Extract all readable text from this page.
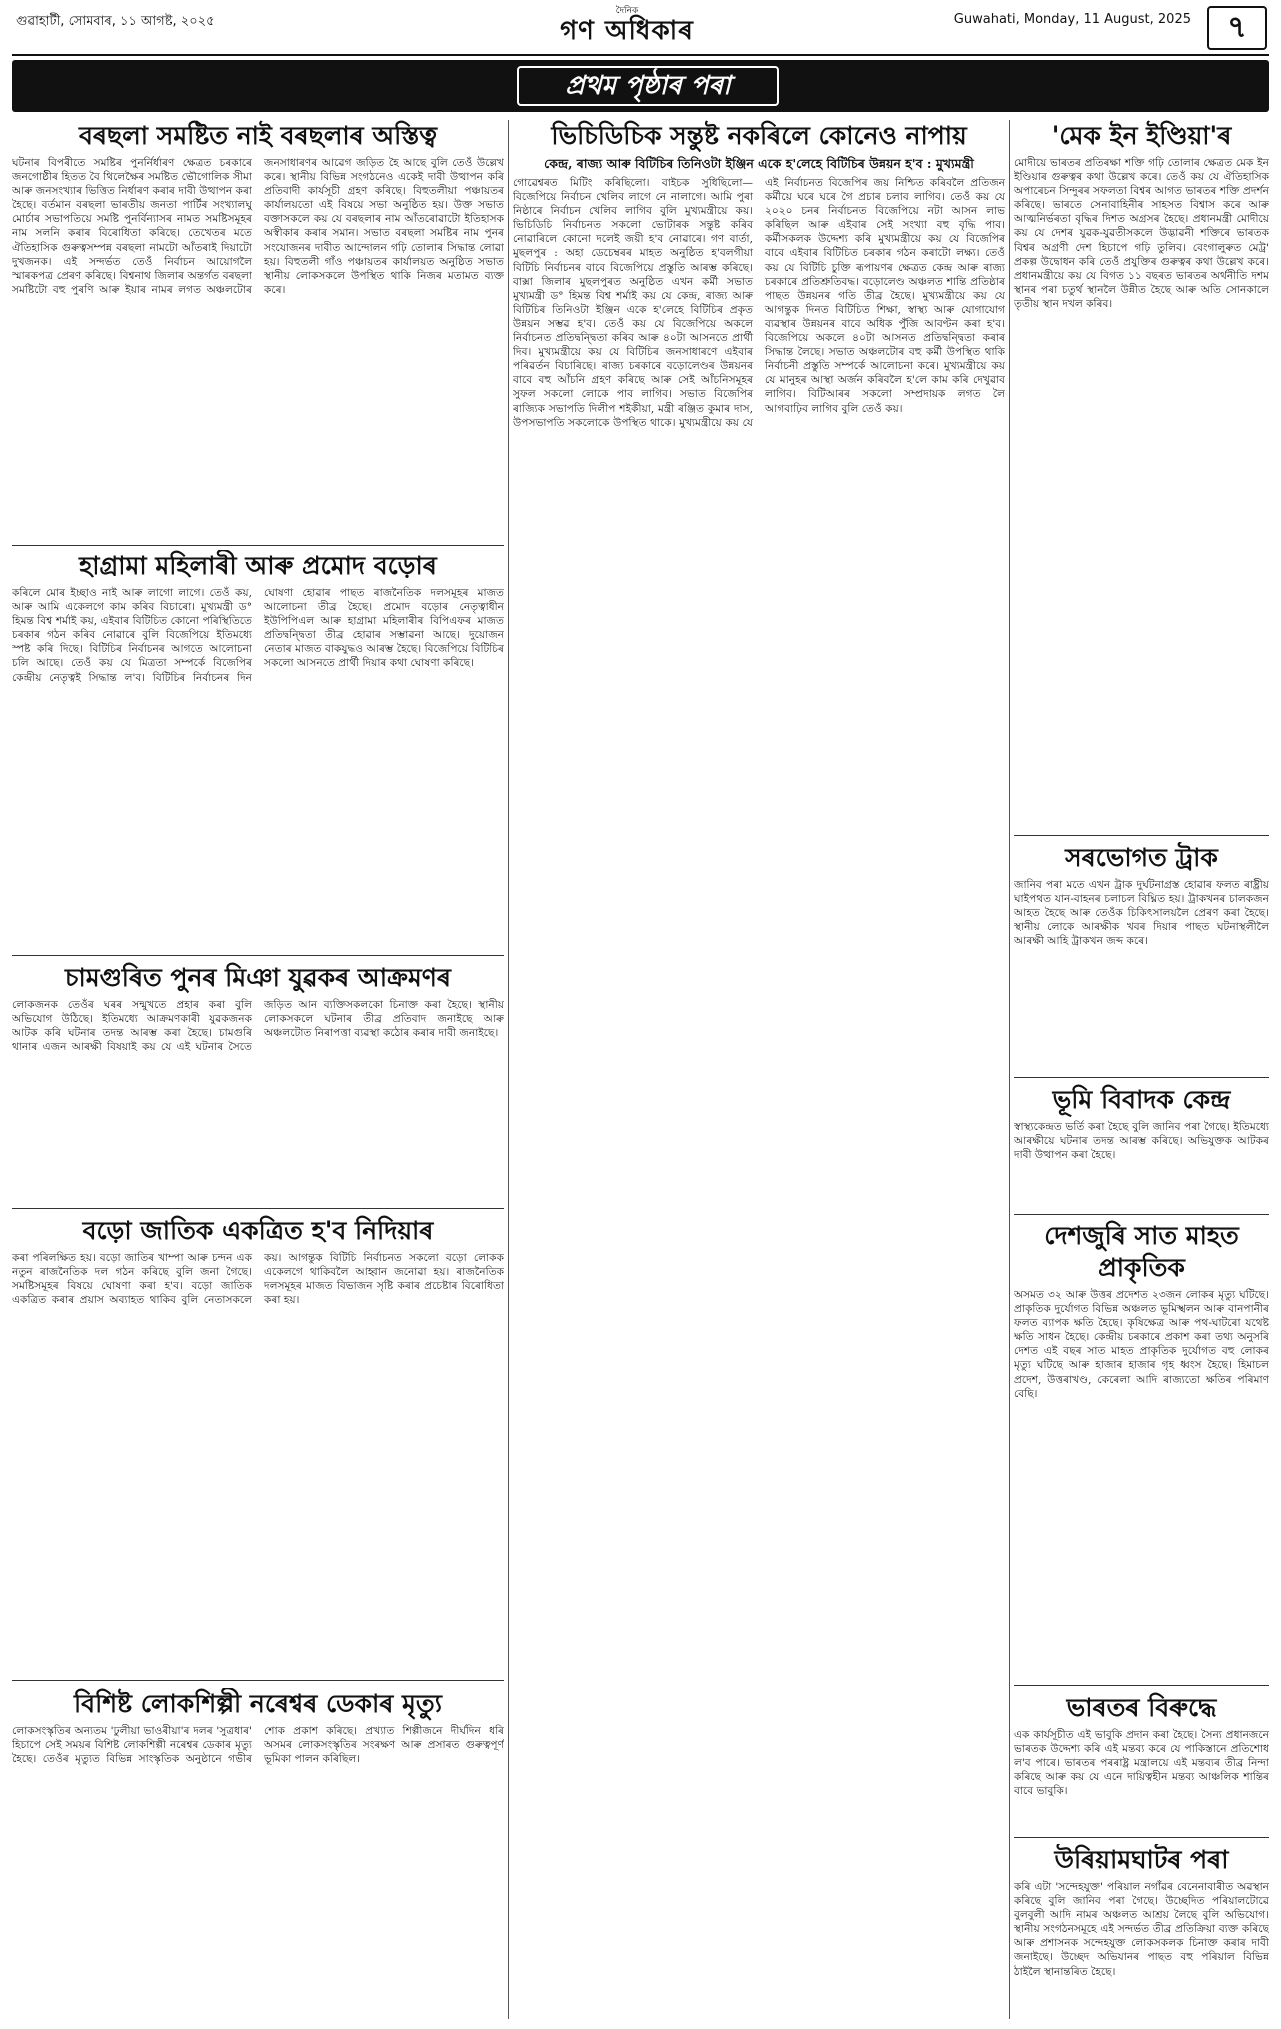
গুৱাহাটী, সোমবাৰ, ১১ আগষ্ট, ২০২৫
দৈনিক
গণ অধিকাৰ	Guwahati, Monday, 11 August, 2025	৭
প্ৰথম পৃষ্ঠাৰ পৰা
বৰছলা সমষ্টিত নাই বৰছলাৰ অস্তিত্ব
ঘটনাৰ বিপৰীতে সমষ্টিৰ পুনৰ্নিৰ্ধাৰণ ক্ষেত্ৰত চৰকাৰে জনগোষ্ঠীৰ হিতত বৈ থিলেক্ষৈৰ সমষ্টিত ভৌগোলিক সীমা আৰু জনসংখ্যাৰ ভিত্তিত নিৰ্ধাৰণ কৰাৰ দাবী উত্থাপন কৰা হৈছে। বৰ্তমান বৰছলা ভাৰতীয় জনতা পাৰ্টিৰ সংখ্যালঘু মোৰ্চাৰ সভাপতিয়ে সমষ্টি পুনৰ্বিন্যাসৰ নামত সমষ্টিসমূহৰ নাম সলনি কৰাৰ বিৰোধিতা কৰিছে। তেখেতৰ মতে ঐতিহাসিক গুৰুত্বসম্পন্ন বৰছলা নামটো আঁতৰাই দিয়াটো দুখজনক। এই সন্দৰ্ভত তেওঁ নিৰ্বাচন আয়োগলৈ স্মাৰকপত্ৰ প্ৰেৰণ কৰিছে। বিশ্বনাথ জিলাৰ অন্তৰ্গত বৰছলা সমষ্টিটো বহু পুৰণি আৰু ইয়াৰ নামৰ লগত অঞ্চলটোৰ জনসাধাৰণৰ আৱেগ জড়িত হৈ আছে বুলি তেওঁ উল্লেখ কৰে। স্থানীয় বিভিন্ন সংগঠনেও একেই দাবী উত্থাপন কৰি প্ৰতিবাদী কাৰ্যসূচী গ্ৰহণ কৰিছে। বিহুতলীয়া পঞ্চায়তৰ কাৰ্যালয়তো এই বিষয়ে সভা অনুষ্ঠিত হয়। উক্ত সভাত বক্তাসকলে কয় যে বৰছলাৰ নাম আঁতৰোৱাটো ইতিহাসক অস্বীকাৰ কৰাৰ সমান। সভাত বৰছলা সমষ্টিৰ নাম পুনৰ সংযোজনৰ দাবীত আন্দোলন গঢ়ি তোলাৰ সিদ্ধান্ত লোৱা হয়। বিহুতলী গাঁও পঞ্চায়তৰ কাৰ্যালয়ত অনুষ্ঠিত সভাত স্থানীয় লোকসকলে উপস্থিত থাকি নিজৰ মতামত ব্যক্ত কৰে।
হাগ্ৰামা মহিলাৰী আৰু প্ৰমোদ বড়োৰ
কৰিলে মোৰ ইচ্ছাও নাই আৰু লাগো লাগে। তেওঁ কয়, আৰু আমি একেলগে কাম কৰিব বিচাৰো। মুখ্যমন্ত্ৰী ড° হিমন্ত বিশ্ব শৰ্মাই কয়, এইবাৰ বিটিচিত কোনো পৰিস্থিতিতে চৰকাৰ গঠন কৰিব নোৱাৰে বুলি বিজেপিয়ে ইতিমধ্যে স্পষ্ট কৰি দিছে। বিটিচিৰ নিৰ্বাচনৰ আগতে আলোচনা চলি আছে। তেওঁ কয় যে মিত্ৰতা সম্পৰ্কে বিজেপিৰ কেন্দ্ৰীয় নেতৃত্বই সিদ্ধান্ত ল'ব। বিটিচিৰ নিৰ্বাচনৰ দিন ঘোষণা হোৱাৰ পাছত ৰাজনৈতিক দলসমূহৰ মাজত আলোচনা তীব্ৰ হৈছে। প্ৰমোদ বড়োৰ নেতৃত্বাধীন ইউপিপিএল আৰু হাগ্ৰামা মহিলাৰীৰ বিপিএফৰ মাজত প্ৰতিদ্বন্দ্বিতা তীব্ৰ হোৱাৰ সম্ভাৱনা আছে। দুয়োজন নেতাৰ মাজত বাকযুদ্ধও আৰম্ভ হৈছে। বিজেপিয়ে বিটিচিৰ সকলো আসনতে প্ৰাৰ্থী দিয়াৰ কথা ঘোষণা কৰিছে।
চামগুৰিত পুনৰ মিঞা যুৱকৰ আক্ৰমণৰ
লোকজনক তেওঁৰ ঘৰৰ সন্মুখতে প্ৰহাৰ কৰা বুলি অভিযোগ উঠিছে। ইতিমধ্যে আক্ৰমণকাৰী যুৱকজনক আটক কৰি ঘটনাৰ তদন্ত আৰম্ভ কৰা হৈছে। চামগুৰি থানাৰ এজন আৰক্ষী বিষয়াই কয় যে এই ঘটনাৰ সৈতে জড়িত আন ব্যক্তিসকলকো চিনাক্ত কৰা হৈছে। স্থানীয় লোকসকলে ঘটনাৰ তীব্ৰ প্ৰতিবাদ জনাইছে আৰু অঞ্চলটোত নিৰাপত্তা ব্যৱস্থা কঠোৰ কৰাৰ দাবী জনাইছে।
বড়ো জাতিক একত্ৰিত হ'ব নিদিয়াৰ
কৰা পৰিলক্ষিত হয়। বড়ো জাতিৰ খাম্পা আৰু চন্দন এক নতুন ৰাজনৈতিক দল গঠন কৰিছে বুলি জনা গৈছে। সমষ্টিসমূহৰ বিষয়ে ঘোষণা কৰা হ'ব। বড়ো জাতিক একত্ৰিত কৰাৰ প্ৰয়াস অব্যাহত থাকিব বুলি নেতাসকলে কয়। আগন্তুক বিটিচি নিৰ্বাচনত সকলো বড়ো লোকক একেলগে থাকিবলৈ আহ্বান জনোৱা হয়। ৰাজনৈতিক দলসমূহৰ মাজত বিভাজন সৃষ্টি কৰাৰ প্ৰচেষ্টাৰ বিৰোধিতা কৰা হয়।
বিশিষ্ট লোকশিল্পী নৰেশ্বৰ ডেকাৰ মৃত্যু
লোকসংস্কৃতিৰ অন্যতম 'ঢুলীয়া ভাওৰীয়া'ৰ দলৰ 'সুত্ৰধাৰ' হিচাপে সেই সময়ৰ বিশিষ্ট লোকশিল্পী নৰেশ্বৰ ডেকাৰ মৃত্যু হৈছে। তেওঁৰ মৃত্যুত বিভিন্ন সাংস্কৃতিক অনুষ্ঠানে গভীৰ শোক প্ৰকাশ কৰিছে। প্ৰখ্যাত শিল্পীজনে দীৰ্ঘদিন ধৰি অসমৰ লোকসংস্কৃতিৰ সংৰক্ষণ আৰু প্ৰসাৰত গুৰুত্বপূৰ্ণ ভূমিকা পালন কৰিছিল।
ভিচিডিচিক সন্তুষ্ট নকৰিলে কোনেও নাপায়
কেন্দ্ৰ, ৰাজ্য আৰু বিটিচিৰ তিনিওটা ইঞ্জিন একে হ'লেহে বিটিচিৰ উন্নয়ন হ'ব : মুখ্যমন্ত্ৰী
গোৱেশ্বৰত মিটিং কৰিছিলো। বাইচক সুধিছিলো— বিজেপিয়ে নিৰ্বাচন খেলিব লাগে নে নালাগে। আমি পুৰা নিষ্ঠাৰে নিৰ্বাচন খেলিব লাগিব বুলি মুখ্যমন্ত্ৰীয়ে কয়। ভিচিডিচি নিৰ্বাচনত সকলো ভোটাৰক সন্তুষ্ট কৰিব নোৱাৰিলে কোনো দলেই জয়ী হ'ব নোৱাৰে। গণ বাৰ্তা, মুছলপুৰ : অহা ডেচেম্বৰৰ মাহত অনুষ্ঠিত হ'বলগীয়া বিটিচি নিৰ্বাচনৰ বাবে বিজেপিয়ে প্ৰস্তুতি আৰম্ভ কৰিছে। বাক্সা জিলাৰ মুছলপুৰত অনুষ্ঠিত এখন কৰ্মী সভাত মুখ্যমন্ত্ৰী ড° হিমন্ত বিশ্ব শৰ্মাই কয় যে কেন্দ্ৰ, ৰাজ্য আৰু বিটিচিৰ তিনিওটা ইঞ্জিন একে হ'লেহে বিটিচিৰ প্ৰকৃত উন্নয়ন সম্ভৱ হ'ব। তেওঁ কয় যে বিজেপিয়ে অকলে নিৰ্বাচনত প্ৰতিদ্বন্দ্বিতা কৰিব আৰু ৪০টা আসনতে প্ৰাৰ্থী দিব। মুখ্যমন্ত্ৰীয়ে কয় যে বিটিচিৰ জনসাধাৰণে এইবাৰ পৰিৱৰ্তন বিচাৰিছে। ৰাজ্য চৰকাৰে বড়োলেণ্ডৰ উন্নয়নৰ বাবে বহু আঁচনি গ্ৰহণ কৰিছে আৰু সেই আঁচনিসমূহৰ সুফল সকলো লোকে পাব লাগিব। সভাত বিজেপিৰ ৰাজ্যিক সভাপতি দিলীপ শইকীয়া, মন্ত্ৰী ৰঞ্জিত কুমাৰ দাস, উপসভাপতি সকলোকে উপস্থিত থাকে। মুখ্যমন্ত্ৰীয়ে কয় যে এই নিৰ্বাচনত বিজেপিৰ জয় নিশ্চিত কৰিবলৈ প্ৰতিজন কৰ্মীয়ে ঘৰে ঘৰে গৈ প্ৰচাৰ চলাব লাগিব। তেওঁ কয় যে ২০২০ চনৰ নিৰ্বাচনত বিজেপিয়ে নটা আসন লাভ কৰিছিল আৰু এইবাৰ সেই সংখ্যা বহু বৃদ্ধি পাব। কৰ্মীসকলক উদ্দেশ্য কৰি মুখ্যমন্ত্ৰীয়ে কয় যে বিজেপিৰ বাবে এইবাৰ বিটিচিত চৰকাৰ গঠন কৰাটো লক্ষ্য। তেওঁ কয় যে বিটিচি চুক্তি ৰূপায়ণৰ ক্ষেত্ৰত কেন্দ্ৰ আৰু ৰাজ্য চৰকাৰে প্ৰতিশ্ৰুতিবদ্ধ। বড়োলেণ্ড অঞ্চলত শান্তি প্ৰতিষ্ঠাৰ পাছত উন্নয়নৰ গতি তীব্ৰ হৈছে। মুখ্যমন্ত্ৰীয়ে কয় যে আগন্তুক দিনত বিটিচিত শিক্ষা, স্বাস্থ্য আৰু যোগাযোগ ব্যৱস্থাৰ উন্নয়নৰ বাবে অধিক পুঁজি আবণ্টন কৰা হ'ব। বিজেপিয়ে অকলে ৪০টা আসনত প্ৰতিদ্বন্দ্বিতা কৰাৰ সিদ্ধান্ত লৈছে। সভাত অঞ্চলটোৰ বহু কৰ্মী উপস্থিত থাকি নিৰ্বাচনী প্ৰস্তুতি সম্পৰ্কে আলোচনা কৰে। মুখ্যমন্ত্ৰীয়ে কয় যে মানুহৰ আস্থা অৰ্জন কৰিবলৈ হ'লে কাম কৰি দেখুৱাব লাগিব। বিটিআৰৰ সকলো সম্প্ৰদায়ক লগত লৈ আগবাঢ়িব লাগিব বুলি তেওঁ কয়।
'মেক ইন ইণ্ডিয়া'ৰ
মোদীয়ে ভাৰতৰ প্ৰতিৰক্ষা শক্তি গঢ়ি তোলাৰ ক্ষেত্ৰত মেক ইন ইণ্ডিয়াৰ গুৰুত্বৰ কথা উল্লেখ কৰে। তেওঁ কয় যে ঐতিহাসিক অপাৰেচন সিন্দুৰৰ সফলতা বিশ্বৰ আগত ভাৰতৰ শক্তি প্ৰদৰ্শন কৰিছে। ভাৰতে সেনাবাহিনীৰ সাহসত বিশ্বাস কৰে আৰু আত্মনিৰ্ভৰতা বৃদ্ধিৰ দিশত অগ্ৰসৰ হৈছে। প্ৰধানমন্ত্ৰী মোদীয়ে কয় যে দেশৰ যুৱক-যুৱতীসকলে উদ্ভাৱনী শক্তিৰে ভাৰতক বিশ্বৰ অগ্ৰণী দেশ হিচাপে গঢ়ি তুলিব। বেংগালুৰুত মেট্ৰ' প্ৰকল্প উদ্বোধন কৰি তেওঁ প্ৰযুক্তিৰ গুৰুত্বৰ কথা উল্লেখ কৰে। প্ৰধানমন্ত্ৰীয়ে কয় যে বিগত ১১ বছৰত ভাৰতৰ অৰ্থনীতি দশম স্থানৰ পৰা চতুৰ্থ স্থানলৈ উন্নীত হৈছে আৰু অতি সোনকালে তৃতীয় স্থান দখল কৰিব।
সৰভোগত ট্ৰাক
জানিব পৰা মতে এখন ট্ৰাক দুৰ্ঘটনাগ্ৰস্ত হোৱাৰ ফলত ৰাষ্ট্ৰীয় ঘাইপথত যান-বাহনৰ চলাচল বিঘ্নিত হয়। ট্ৰাকখনৰ চালকজন আহত হৈছে আৰু তেওঁক চিকিৎসালয়লৈ প্ৰেৰণ কৰা হৈছে। স্থানীয় লোকে আৰক্ষীক খবৰ দিয়াৰ পাছত ঘটনাস্থলীলৈ আৰক্ষী আহি ট্ৰাকখন জব্দ কৰে।
ভূমি বিবাদক কেন্দ্ৰ
স্বাস্থ্যকেন্দ্ৰত ভৰ্তি কৰা হৈছে বুলি জানিব পৰা গৈছে। ইতিমধ্যে আৰক্ষীয়ে ঘটনাৰ তদন্ত আৰম্ভ কৰিছে। অভিযুক্তক আটকৰ দাবী উত্থাপন কৰা হৈছে।
দেশজুৰি সাত মাহত প্ৰাকৃতিক
অসমত ৩২ আৰু উত্তৰ প্ৰদেশত ২৩জন লোকৰ মৃত্যু ঘটিছে। প্ৰাকৃতিক দুৰ্যোগত বিভিন্ন অঞ্চলত ভূমিস্খলন আৰু বানপানীৰ ফলত ব্যাপক ক্ষতি হৈছে। কৃষিক্ষেত্ৰ আৰু পথ-ঘাটৰো যথেষ্ট ক্ষতি সাধন হৈছে। কেন্দ্ৰীয় চৰকাৰে প্ৰকাশ কৰা তথ্য অনুসৰি দেশত এই বছৰ সাত মাহত প্ৰাকৃতিক দুৰ্যোগত বহু লোকৰ মৃত্যু ঘটিছে আৰু হাজাৰ হাজাৰ গৃহ ধ্বংস হৈছে। হিমাচল প্ৰদেশ, উত্তৰাখণ্ড, কেৰেলা আদি ৰাজ্যতো ক্ষতিৰ পৰিমাণ বেছি।
ভাৰতৰ বিৰুদ্ধে
এক কাৰ্যসূচীত এই ভাবুকি প্ৰদান কৰা হৈছে। সৈন্য প্ৰধানজনে ভাৰতক উদ্দেশ্য কৰি এই মন্তব্য কৰে যে পাকিস্তানে প্ৰতিশোধ ল'ব পাৰে। ভাৰতৰ পৰৰাষ্ট্ৰ মন্ত্ৰালয়ে এই মন্তব্যৰ তীব্ৰ নিন্দা কৰিছে আৰু কয় যে এনে দায়িত্বহীন মন্তব্য আঞ্চলিক শান্তিৰ বাবে ভাবুকি।
উৰিয়ামঘাটৰ পৰা
কৰি এটা 'সন্দেহযুক্ত' পৰিয়াল নগাঁৱৰ বেনেনাবাৰীত অৱস্থান কৰিছে বুলি জানিব পৰা গৈছে। উচ্ছেদিত পৰিয়ালটোৱে বুলবুলী আদি নামৰ অঞ্চলত আশ্ৰয় লৈছে বুলি অভিযোগ। স্থানীয় সংগঠনসমূহে এই সন্দৰ্ভত তীব্ৰ প্ৰতিক্ৰিয়া ব্যক্ত কৰিছে আৰু প্ৰশাসনক সন্দেহযুক্ত লোকসকলক চিনাক্ত কৰাৰ দাবী জনাইছে। উচ্ছেদ অভিযানৰ পাছত বহু পৰিয়াল বিভিন্ন ঠাইলৈ স্থানান্তৰিত হৈছে।
